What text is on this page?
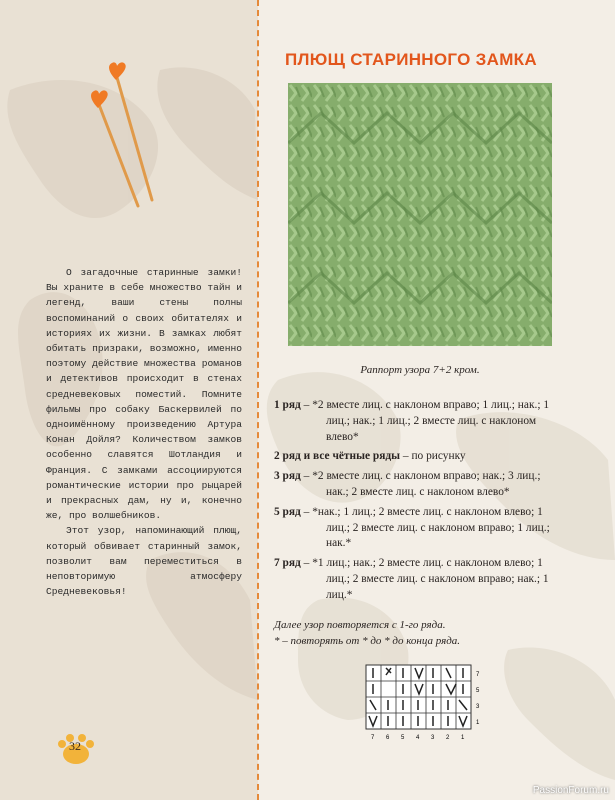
О загадочные старинные замки! Вы храните в себе множество тайн и легенд, ваши стены полны воспоминаний о своих обитателях и историях их жизни. В замках любят обитать призраки, возможно, именно поэтому действие множества романов и детективов происходит в стенах средневековых поместий. Помните фильмы про собаку Баскервилей по одноимённому произведению Артура Конан Дойля? Количеством замков особенно славятся Шотландия и Франция. С замками ассоциируются романтические истории про рыцарей и прекрасных дам, ну и, конечно же, про волшебников.

Этот узор, напоминающий плющ, который обвивает старинный замок, позволит вам переместиться в неповторимую атмосферу Средневековья!

32
ПЛЮЩ СТАРИННОГО ЗАМКА
Раппорт узора 7+2 кром.

1 ряд – *2 вместе лиц. с наклоном вправо; 1 лиц.; нак.; 1 лиц.; нак.; 1 лиц.; 2 вместе лиц. с наклоном влево*

2 ряд и все чётные ряды – по рисунку

3 ряд – *2 вместе лиц. с наклоном вправо; нак.; 3 лиц.; нак.; 2 вместе лиц. с наклоном влево*

5 ряд – *нак.; 1 лиц.; 2 вместе лиц. с наклоном влево; 1 лиц.; 2 вместе лиц. с наклоном вправо; 1 лиц.; нак.*

7 ряд – *1 лиц.; нак.; 2 вместе лиц. с наклоном влево; 1 лиц.; 2 вместе лиц. с наклоном вправо; нак.; 1 лиц.*

Далее узор повторяется с 1-го ряда.

* – повторять от * до * до конца ряда.

7
5
3
1
7 6 5 4 3 2 1
PassionForum.ru
